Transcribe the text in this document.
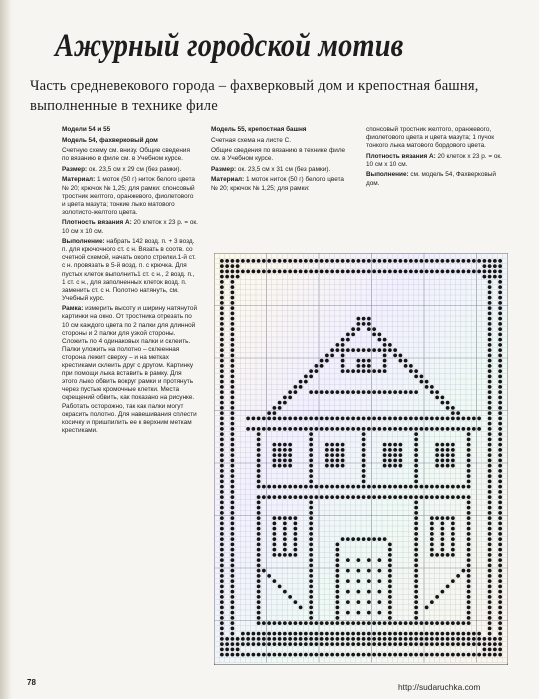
Ажурный городской мотив
Часть средневекового города – фахверковый дом и крепостная башня, выполненные в технике филе

Модели 54 и 55

Модель 54, фахверковый дом

Счетную схему см. внизу. Общие сведения по вязанию в филе см. в Учебном курсе.

Размер: ок. 23,5 см х 29 см (без рамки).

Материал: 1 моток (50 г) ниток белого цвета № 20; крючок № 1,25; для рамки: спонсовый тростник желтого, оранжевого, фиолетового и цвета мазута; тонкие лыко матового золотисто-желтого цвета.

Плотность вязания А: 20 клеток х 23 р. = ок. 10 см х 10 см.

Выполнение: набрать 142 возд. п. + 3 возд. п. для крючочного ст. с н. Вязать в соотв. со счетной схемой, начать около стрелки.1-й ст. с н. провязать в 5-й возд. п. с крючка. Для пустых клеток выполнить1 ст. с н., 2 возд. п., 1 ст. с н., для заполненных клеток возд. п. заменить ст. с н. Полотно натянуть, см. Учебный курс.

Рамка: измерить высоту и ширину натянутой картинки на окно. От тростника отрезать по 10 см каждого цвета по 2 палки для длинной стороны и 2 палки для узкой стороны. Сложить по 4 одинаковых палки и склеить. Палки уложить на полотно – склеенная сторона лежит сверху – и на метках крестиками склеить друг с другом. Картинку при помощи лыка вставить в рамку. Для этого лыко обвить вокруг рамки и протянуть через пустые кромочные клетки. Места скрещений обвить, как показано на рисунке. Работать осторожно, так как палки могут окрасить полотно. Для навешивания сплести косичку и пришпилить ее к верхним меткам крестиками.

Модель 55, крепостная башня

Счетная схема на листе С.

Общие сведения по вязанию в технике филе см. в Учебном курсе.

Размер: ок. 23,5 см х 31 см (без рамки).

Материал: 1 моток ниток (50 г) белого цвета № 20; крючок № 1,25; для рамки:

спонсовый тростник желтого, оранжевого, фиолетового цвета и цвета мазута; 1 пучок тонкого лыка матового бордового цвета.

Плотность вязания А: 20 клеток х 23 р. = ок. 10 см х 10 см.

Выполнение: см. модель 54, Фахверковый дом.

78	http://sudaruchka.com
